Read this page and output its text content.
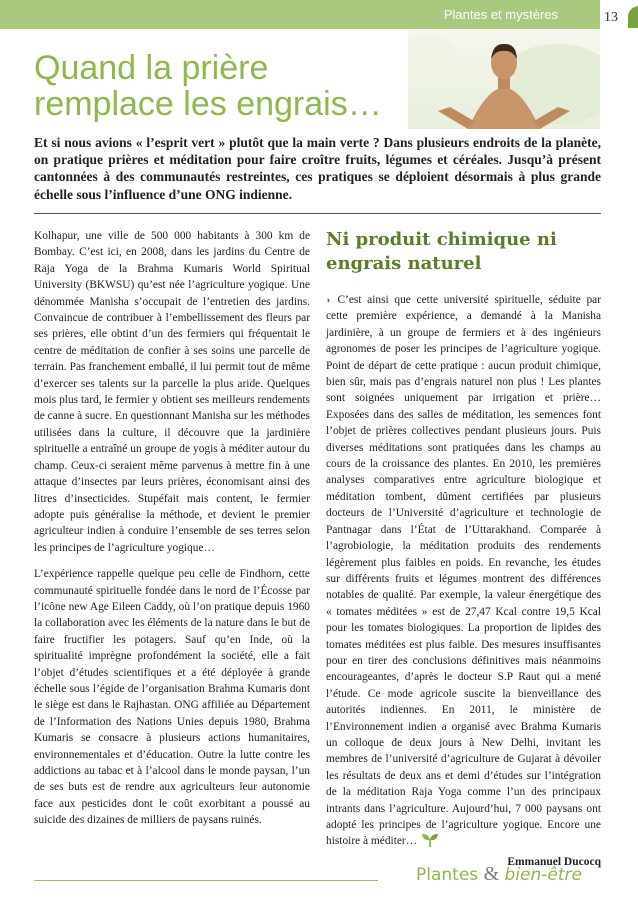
Plantes et mystères	13
Quand la prière
remplace les engrais…

Et si nous avions « l’esprit vert » plutôt que la main verte ? Dans plusieurs endroits de la planète, on pratique prières et méditation pour faire croître fruits, légumes et céréales. Jusqu’à présent cantonnées à des communautés restreintes, ces pratiques se déploient désormais à plus grande échelle sous l’influence d’une ONG indienne.

Kolhapur, une ville de 500 000 habitants à 300 km de Bombay. C’est ici, en 2008, dans les jardins du Centre de Raja Yoga de la Brahma Kumaris World Spiritual University (BKWSU) qu’est née l’agriculture yogique. Une dénommée Manisha s’occupait de l’entretien des jardins. Convaincue de contribuer à l’embellissement des fleurs par ses prières, elle obtint d’un des fermiers qui fréquentait le centre de méditation de confier à ses soins une parcelle de terrain. Pas franchement emballé, il lui permit tout de même d’exercer ses talents sur la parcelle la plus aride. Quelques mois plus tard, le fermier y obtient ses meilleurs rendements de canne à sucre. En questionnant Manisha sur les méthodes utilisées dans la culture, il découvre que la jardinière spirituelle a entraîné un groupe de yogis à méditer autour du champ. Ceux-ci seraient même parvenus à mettre fin à une attaque d’insectes par leurs prières, économisant ainsi des litres d’insecticides. Stupéfait mais content, le fermier adopte puis généralise la méthode, et devient le premier agriculteur indien à conduire l’ensemble de ses terres selon les principes de l’agriculture yogique…

L’expérience rappelle quelque peu celle de Findhorn, cette communauté spirituelle fondée dans le nord de l’Écosse par l’icône new Age Eileen Caddy, où l’on pratique depuis 1960 la collaboration avec les éléments de la nature dans le but de faire fructifier les potagers. Sauf qu’en Inde, où la spiritualité imprègne profondément la société, elle a fait l’objet d’études scientifiques et a été déployée à grande échelle sous l’égide de l’organisation Brahma Kumaris dont le siège est dans le Rajhastan. ONG affiliée au Département de l’Information des Nations Unies depuis 1980, Brahma Kumaris se consacre à plusieurs actions humanitaires, environnementales et d’éducation. Outre la lutte contre les addictions au tabac et à l’alcool dans le monde paysan, l’un de ses buts est de rendre aux agriculteurs leur autonomie face aux pesticides dont le coût exorbitant a poussé au suicide des dizaines de milliers de paysans ruinés.

Ni produit chimique ni engrais naturel

◗ C’est ainsi que cette université spirituelle, séduite par cette première expérience, a demandé à la Manisha jardinière, à un groupe de fermiers et à des ingénieurs agronomes de poser les principes de l’agriculture yogique. Point de départ de cette pratique : aucun produit chimique, bien sûr, mais pas d’engrais naturel non plus ! Les plantes sont soignées uniquement par irrigation et prière… Exposées dans des salles de méditation, les semences font l’objet de prières collectives pendant plusieurs jours. Puis diverses méditations sont pratiquées dans les champs au cours de la croissance des plantes. En 2010, les premières analyses comparatives entre agriculture biologique et méditation tombent, dûment certifiées par plusieurs docteurs de l’Université d’agriculture et technologie de Pantnagar dans l’État de l’Uttarakhand. Comparée à l’agrobiologie, la méditation produits des rendements légèrement plus faibles en poids. En revanche, les études sur différents fruits et légumes montrent des différences notables de qualité. Par exemple, la valeur énergétique des « tomates méditées » est de 27,47 Kcal contre 19,5 Kcal pour les tomates biologiques. La proportion de lipides des tomates méditées est plus faible. Des mesures insuffisantes pour en tirer des conclusions définitives mais néanmoins encourageantes, d’après le docteur S.P Raut qui a mené l’étude. Ce mode agricole suscite la bienveillance des autorités indiennes. En 2011, le ministère de l’Environnement indien a organisé avec Brahma Kumaris un colloque de deux jours à New Delhi, invitant les membres de l’université d’agriculture de Gujarat à dévoiler les résultats de deux ans et demi d’études sur l’intégration de la méditation Raja Yoga comme l’un des principaux intrants dans l’agriculture. Aujourd’hui, 7 000 paysans ont adopté les principes de l’agriculture yogique. Encore une histoire à méditer…

Emmanuel Ducocq
Plantes & bien-être
